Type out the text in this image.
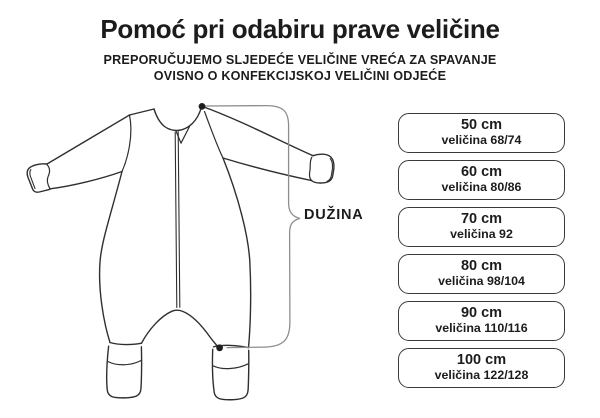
Pomoć pri odabiru prave veličine
PREPORUČUJEMO SLJEDEĆE VELIČINE VREĆA ZA SPAVANJE
OVISNO O KONFEKCIJSKOJ VELIČINI ODJEĆE
DUŽINA
50 cm
veličina 68/74
60 cm
veličina 80/86
70 cm
veličina 92
80 cm
veličina 98/104
90 cm
veličina 110/116
100 cm
veličina 122/128
